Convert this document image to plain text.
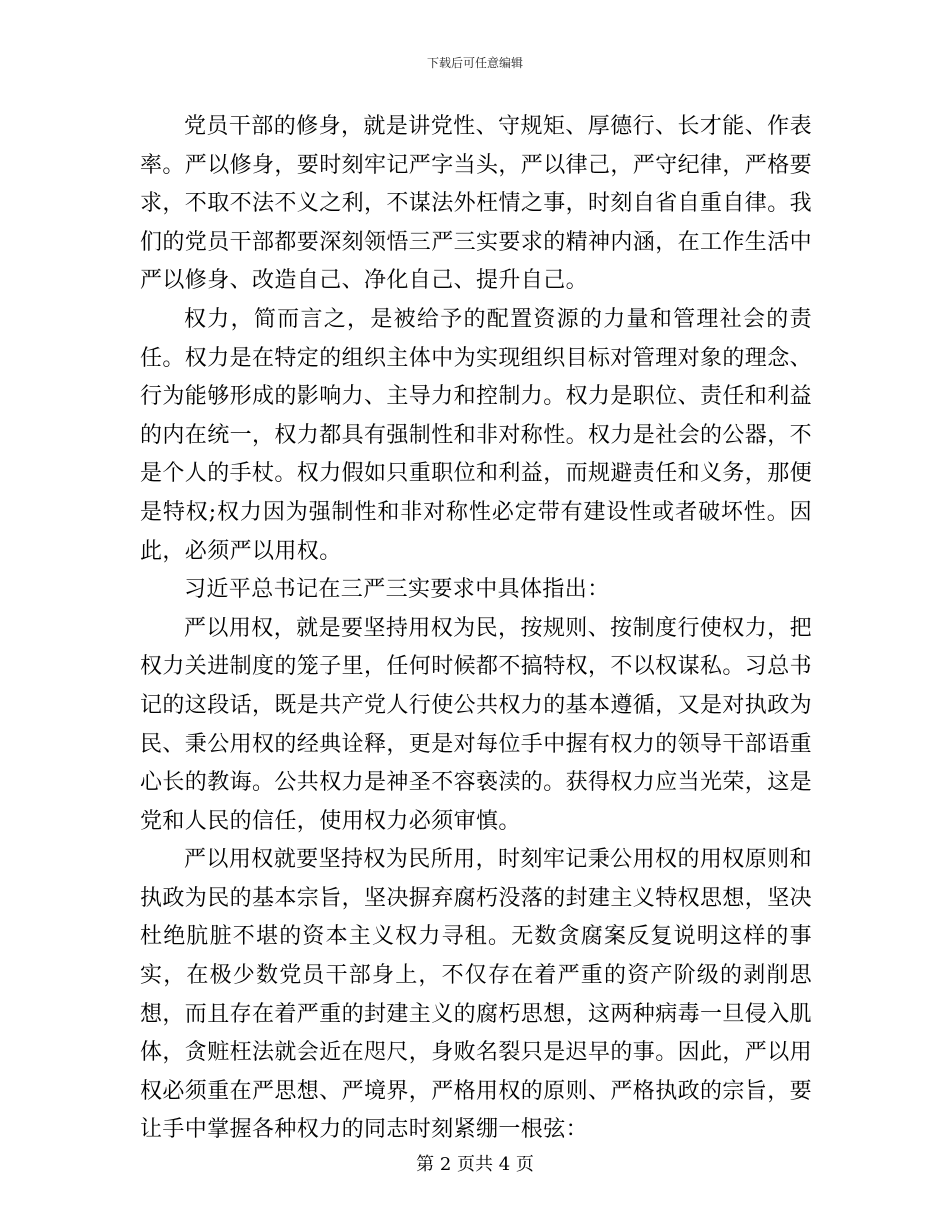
下载后可任意编辑

党员干部的修身，就是讲党性、守规矩、厚德行、长才能、作表率。严以修身，要时刻牢记严字当头，严以律己，严守纪律，严格要求，不取不法不义之利，不谋法外枉情之事，时刻自省自重自律。我们的党员干部都要深刻领悟三严三实要求的精神内涵，在工作生活中严以修身、改造自己、净化自己、提升自己。

权力，简而言之，是被给予的配置资源的力量和管理社会的责任。权力是在特定的组织主体中为实现组织目标对管理对象的理念、行为能够形成的影响力、主导力和控制力。权力是职位、责任和利益的内在统一，权力都具有强制性和非对称性。权力是社会的公器，不是个人的手杖。权力假如只重职位和利益，而规避责任和义务，那便是特权;权力因为强制性和非对称性必定带有建设性或者破坏性。因此，必须严以用权。

习近平总书记在三严三实要求中具体指出：

严以用权，就是要坚持用权为民，按规则、按制度行使权力，把权力关进制度的笼子里，任何时候都不搞特权，不以权谋私。习总书记的这段话，既是共产党人行使公共权力的基本遵循，又是对执政为民、秉公用权的经典诠释，更是对每位手中握有权力的领导干部语重心长的教诲。公共权力是神圣不容亵渎的。获得权力应当光荣，这是党和人民的信任，使用权力必须审慎。

严以用权就要坚持权为民所用，时刻牢记秉公用权的用权原则和执政为民的基本宗旨，坚决摒弃腐朽没落的封建主义特权思想，坚决杜绝肮脏不堪的资本主义权力寻租。无数贪腐案反复说明这样的事实，在极少数党员干部身上，不仅存在着严重的资产阶级的剥削思想，而且存在着严重的封建主义的腐朽思想，这两种病毒一旦侵入肌体，贪赃枉法就会近在咫尺，身败名裂只是迟早的事。因此，严以用权必须重在严思想、严境界，严格用权的原则、严格执政的宗旨，要让手中掌握各种权力的同志时刻紧绷一根弦：

第 2 页共 4 页
